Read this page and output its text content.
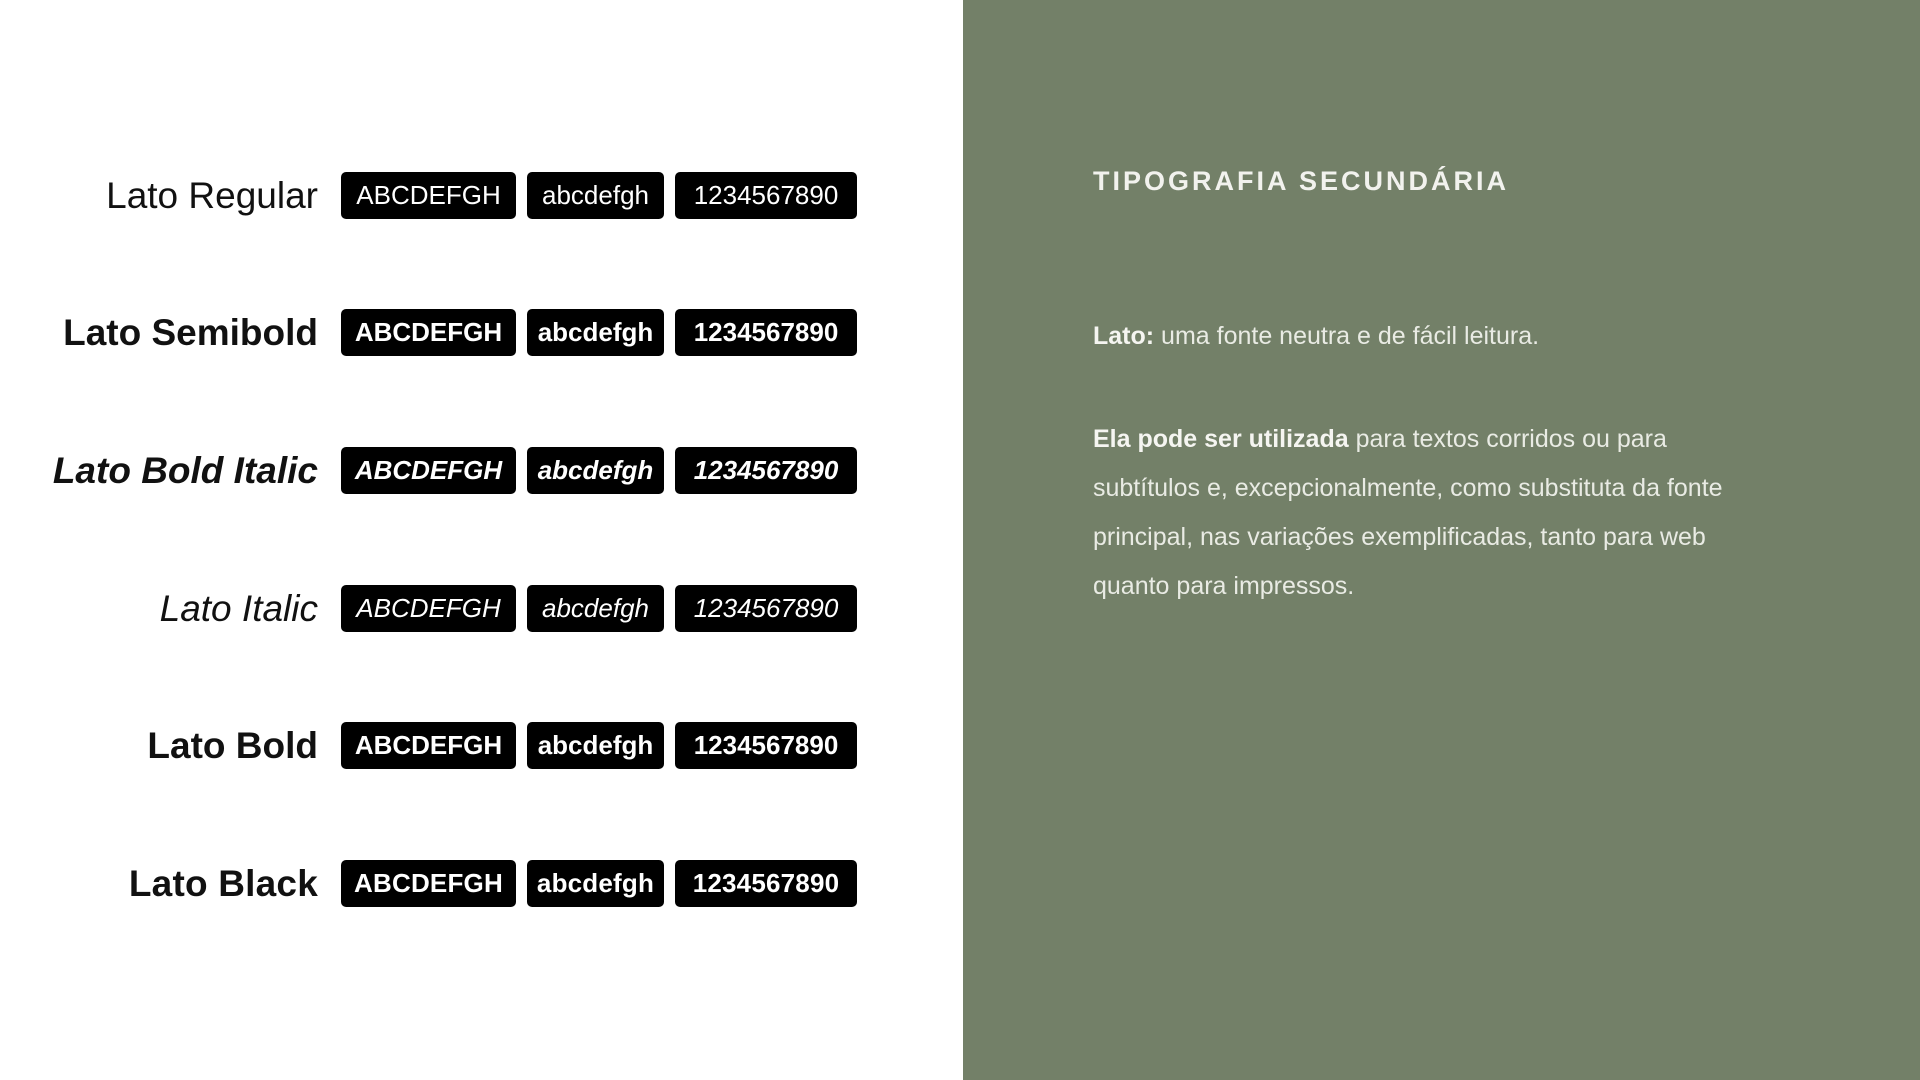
Lato Regular	ABCDEFGH	abcdefgh	1234567890
Lato Semibold	ABCDEFGH	abcdefgh	1234567890
Lato Bold Italic	ABCDEFGH	abcdefgh	1234567890
Lato Italic	ABCDEFGH	abcdefgh	1234567890
Lato Bold	ABCDEFGH	abcdefgh	1234567890
Lato Black	ABCDEFGH	abcdefgh	1234567890
TIPOGRAFIA SECUNDÁRIA
Lato: uma fonte neutra e de fácil leitura.
Ela pode ser utilizada para textos corridos ou para subtítulos e, excepcionalmente, como substituta da fonte principal, nas variações exemplificadas, tanto para web quanto para impressos.
